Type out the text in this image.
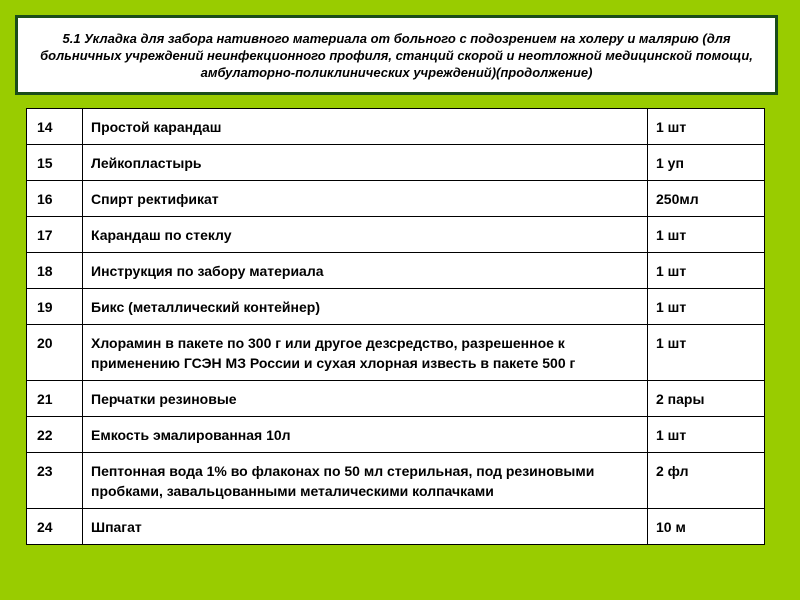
5.1 Укладка для забора нативного материала от больного с подозрением на холеру и малярию (для больничных учреждений неинфекционного профиля, станций скорой и неотложной медицинской помощи, амбулаторно-поликлинических учреждений)(продолжение)

14	Простой карандаш	1 шт
15	Лейкопластырь	1 уп
16	Спирт ректификат	250мл
17	Карандаш по стеклу	1 шт
18	Инструкция по забору материала	1 шт
19	Бикс (металлический контейнер)	1 шт
20	Хлорамин в пакете по 300 г или другое дезсредство, разрешенное к применению ГСЭН МЗ России и сухая хлорная известь в пакете 500 г	1 шт
21	Перчатки резиновые	2 пары
22	Емкость эмалированная 10л	1 шт
23	Пептонная вода 1% во флаконах по 50 мл стерильная, под резиновыми пробками, завальцованными металическими колпачками	2 фл
24	Шпагат	10 м
